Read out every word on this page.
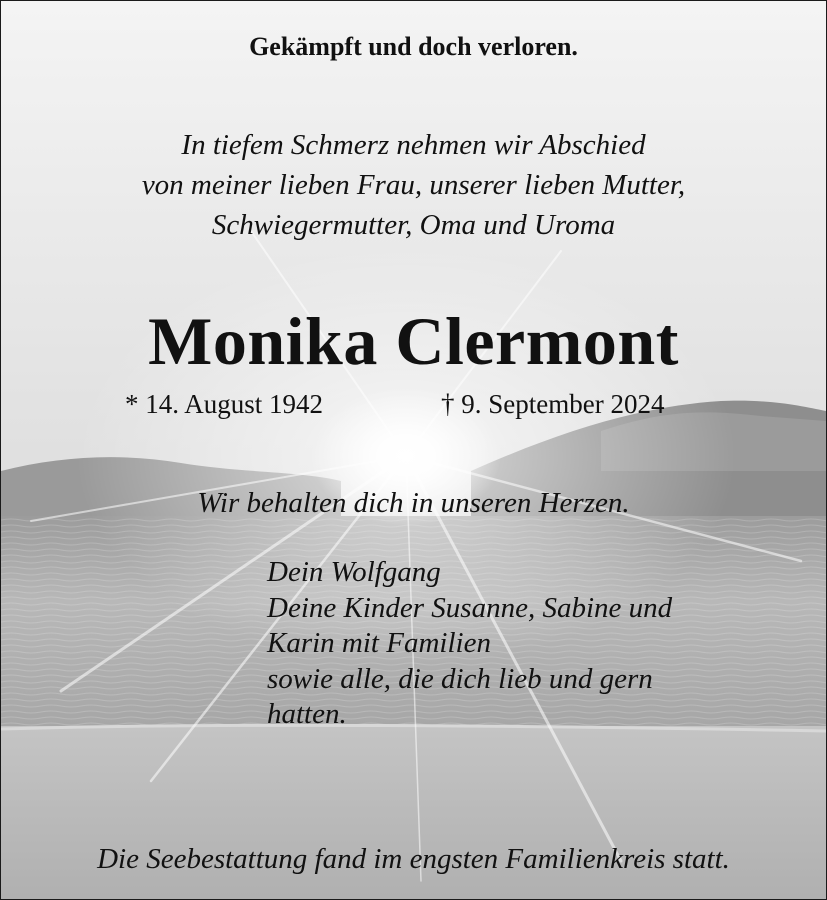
Gekämpft und doch verloren.

In tiefem Schmerz nehmen wir Abschied
von meiner lieben Frau, unserer lieben Mutter,
Schwiegermutter, Oma und Uroma

Monika Clermont

* 14. August 1942	† 9. September 2024

Wir behalten dich in unseren Herzen.

Dein Wolfgang
Deine Kinder Susanne, Sabine und
Karin mit Familien
sowie alle, die dich lieb und gern
hatten.

Die Seebestattung fand im engsten Familienkreis statt.
